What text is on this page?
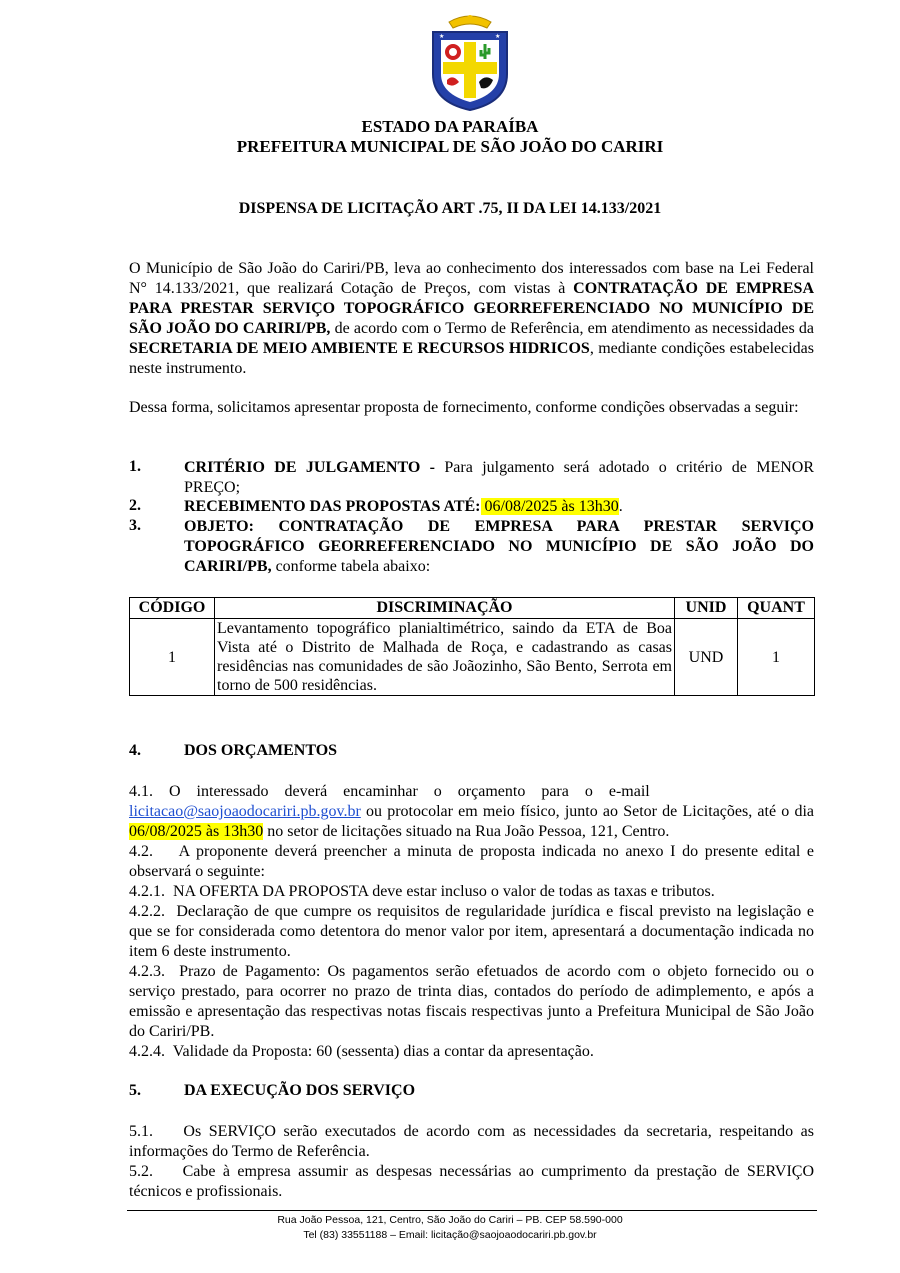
★	★
ESTADO DA PARAÍBA
PREFEITURA MUNICIPAL DE SÃO JOÃO DO CARIRI
DISPENSA DE LICITAÇÃO ART .75, II DA LEI 14.133/2021
O Município de São João do Cariri/PB, leva ao conhecimento dos interessados com base na Lei Federal N° 14.133/2021, que realizará Cotação de Preços, com vistas à CONTRATAÇÃO DE EMPRESA PARA PRESTAR SERVIÇO TOPOGRÁFICO GEORREFERENCIADO NO MUNICÍPIO DE SÃO JOÃO DO CARIRI/PB, de acordo com o Termo de Referência, em atendimento as necessidades da SECRETARIA DE MEIO AMBIENTE E RECURSOS HIDRICOS, mediante condições estabelecidas neste instrumento.
Dessa forma, solicitamos apresentar proposta de fornecimento, conforme condições observadas a seguir:
1.	CRITÉRIO DE JULGAMENTO - Para julgamento será adotado o critério de MENOR PREÇO;
2.	RECEBIMENTO DAS PROPOSTAS ATÉ: 06/08/2025 às 13h30.
3.	OBJETO: CONTRATAÇÃO DE EMPRESA PARA PRESTAR SERVIÇO TOPOGRÁFICO GEORREFERENCIADO NO MUNICÍPIO DE SÃO JOÃO DO CARIRI/PB, conforme tabela abaixo:
CÓDIGO	DISCRIMINAÇÃO	UNID	QUANT
1	Levantamento topográfico planialtimétrico, saindo da ETA de Boa Vista até o Distrito de Malhada de Roça, e cadastrando as casas residências nas comunidades de são Joãozinho, São Bento, Serrota em torno de 500 residências.	UND	1
4.	DOS ORÇAMENTOS
4.1.    O    interessado    deverá    encaminhar    o    orçamento    para    o    e-mail
licitacao@saojoaodocariri.pb.gov.br ou protocolar em meio físico, junto ao Setor de Licitações, até o dia 06/08/2025 às 13h30 no setor de licitações situado na Rua João Pessoa, 121, Centro.
4.2.    A proponente deverá preencher a minuta de proposta indicada no anexo I do presente edital e observará o seguinte:
4.2.1.  NA OFERTA DA PROPOSTA deve estar incluso o valor de todas as taxas e tributos.
4.2.2.  Declaração de que cumpre os requisitos de regularidade jurídica e fiscal previsto na legislação e que se for considerada como detentora do menor valor por item, apresentará a documentação indicada no item 6 deste instrumento.
4.2.3.  Prazo de Pagamento: Os pagamentos serão efetuados de acordo com o objeto fornecido ou o serviço prestado, para ocorrer no prazo de trinta dias, contados do período de adimplemento, e após a emissão e apresentação das respectivas notas fiscais respectivas junto a Prefeitura Municipal de São João do Cariri/PB.
4.2.4.  Validade da Proposta: 60 (sessenta) dias a contar da apresentação.
5.	DA EXECUÇÃO DOS SERVIÇO
5.1.    Os SERVIÇO serão executados de acordo com as necessidades da secretaria, respeitando as informações do Termo de Referência.
5.2.    Cabe à empresa assumir as despesas necessárias ao cumprimento da prestação de SERVIÇO técnicos e profissionais.
Rua João Pessoa, 121, Centro, São João do Cariri – PB. CEP 58.590-000
Tel (83) 33551188 – Email: licitação@saojoaodocariri.pb.gov.br
